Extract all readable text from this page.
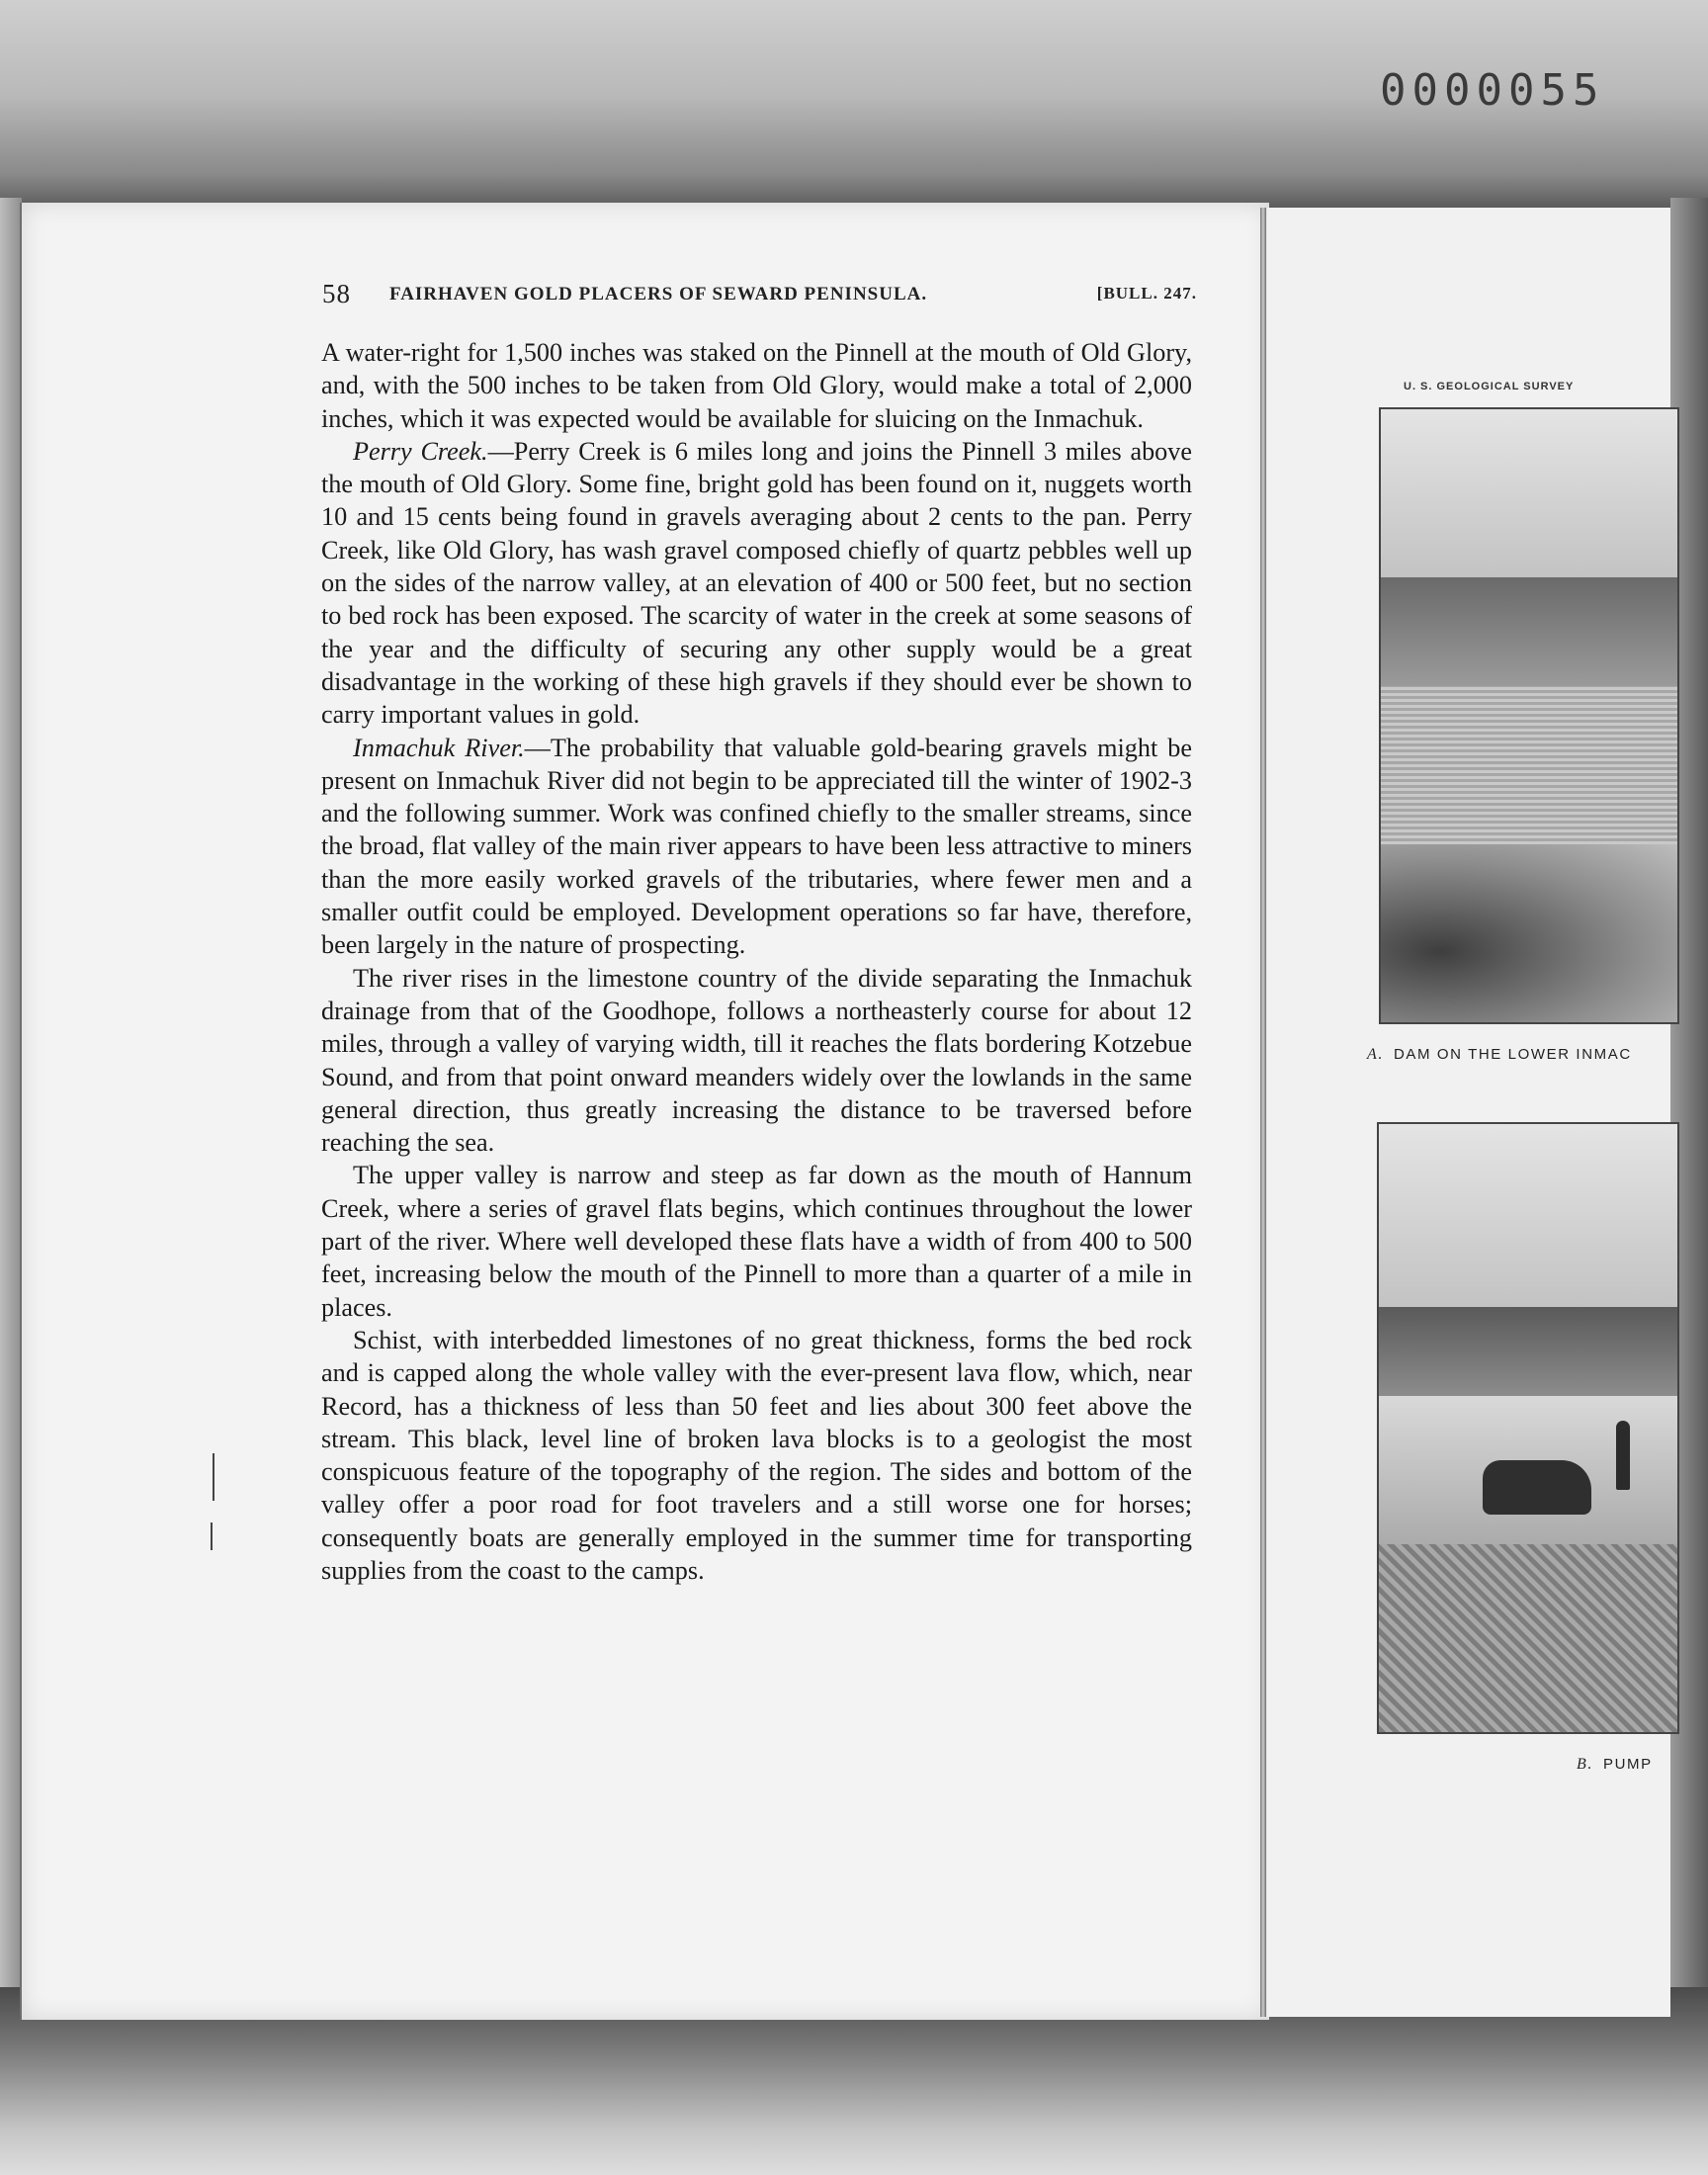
0000055
58 FAIRHAVEN GOLD PLACERS OF SEWARD PENINSULA.	[BULL. 247.

A water-right for 1,500 inches was staked on the Pinnell at the mouth of Old Glory, and, with the 500 inches to be taken from Old Glory, would make a total of 2,000 inches, which it was expected would be available for sluicing on the Inmachuk.

Perry Creek.—Perry Creek is 6 miles long and joins the Pinnell 3 miles above the mouth of Old Glory. Some fine, bright gold has been found on it, nuggets worth 10 and 15 cents being found in gravels averaging about 2 cents to the pan. Perry Creek, like Old Glory, has wash gravel composed chiefly of quartz pebbles well up on the sides of the narrow valley, at an elevation of 400 or 500 feet, but no section to bed rock has been exposed. The scarcity of water in the creek at some seasons of the year and the difficulty of securing any other supply would be a great disadvantage in the working of these high gravels if they should ever be shown to carry important values in gold.

Inmachuk River.—The probability that valuable gold-bearing gravels might be present on Inmachuk River did not begin to be appreciated till the winter of 1902-3 and the following summer. Work was confined chiefly to the smaller streams, since the broad, flat valley of the main river appears to have been less attractive to miners than the more easily worked gravels of the tributaries, where fewer men and a smaller outfit could be employed. Development operations so far have, therefore, been largely in the nature of prospecting.

The river rises in the limestone country of the divide separating the Inmachuk drainage from that of the Goodhope, follows a northeasterly course for about 12 miles, through a valley of varying width, till it reaches the flats bordering Kotzebue Sound, and from that point onward meanders widely over the lowlands in the same general direction, thus greatly increasing the distance to be traversed before reaching the sea.

The upper valley is narrow and steep as far down as the mouth of Hannum Creek, where a series of gravel flats begins, which continues throughout the lower part of the river. Where well developed these flats have a width of from 400 to 500 feet, increasing below the mouth of the Pinnell to more than a quarter of a mile in places.

Schist, with interbedded limestones of no great thickness, forms the bed rock and is capped along the whole valley with the ever-present lava flow, which, near Record, has a thickness of less than 50 feet and lies about 300 feet above the stream. This black, level line of broken lava blocks is to a geologist the most conspicuous feature of the topography of the region. The sides and bottom of the valley offer a poor road for foot travelers and a still worse one for horses; consequently boats are generally employed in the summer time for transporting supplies from the coast to the camps.

U. S. GEOLOGICAL SURVEY
A. DAM ON THE LOWER INMAC
B. PUMP
